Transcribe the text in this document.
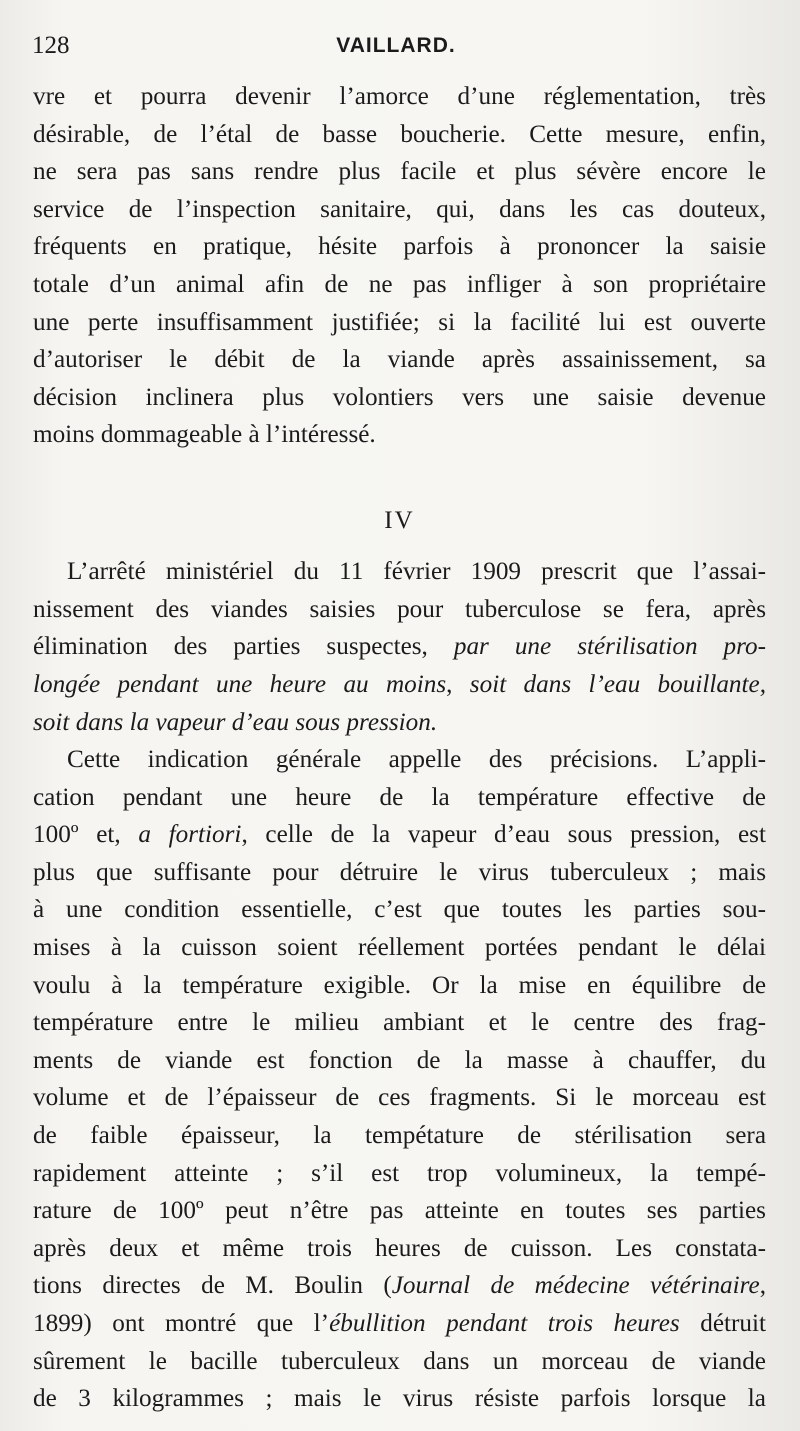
128	VAILLARD.
vre et pourra devenir l’amorce d’une réglementation, très
désirable, de l’étal de basse boucherie. Cette mesure, enfin,
ne sera pas sans rendre plus facile et plus sévère encore le
service de l’inspection sanitaire, qui, dans les cas douteux,
fréquents en pratique, hésite parfois à prononcer la saisie
totale d’un animal afin de ne pas infliger à son propriétaire
une perte insuffisamment justifiée; si la facilité lui est ouverte
d’autoriser le débit de la viande après assainissement, sa
décision inclinera plus volontiers vers une saisie devenue
moins dommageable à l’intéressé.
IV
L’arrêté ministériel du 11 février 1909 prescrit que l’assai-
nissement des viandes saisies pour tuberculose se fera, après
élimination des parties suspectes, par une stérilisation pro-
longée pendant une heure au moins, soit dans l’eau bouillante,
soit dans la vapeur d’eau sous pression.
Cette indication générale appelle des précisions. L’appli-
cation pendant une heure de la température effective de
100º et, a fortiori, celle de la vapeur d’eau sous pression, est
plus que suffisante pour détruire le virus tuberculeux ; mais
à une condition essentielle, c’est que toutes les parties sou-
mises à la cuisson soient réellement portées pendant le délai
voulu à la température exigible. Or la mise en équilibre de
température entre le milieu ambiant et le centre des frag-
ments de viande est fonction de la masse à chauffer, du
volume et de l’épaisseur de ces fragments. Si le morceau est
de faible épaisseur, la tempétature de stérilisation sera
rapidement atteinte ; s’il est trop volumineux, la tempé-
rature de 100º peut n’être pas atteinte en toutes ses parties
après deux et même trois heures de cuisson. Les constata-
tions directes de M. Boulin (Journal de médecine vétérinaire,
1899) ont montré que l’ébullition pendant trois heures détruit
sûrement le bacille tuberculeux dans un morceau de viande
de 3 kilogrammes ; mais le virus résiste parfois lorsque la
